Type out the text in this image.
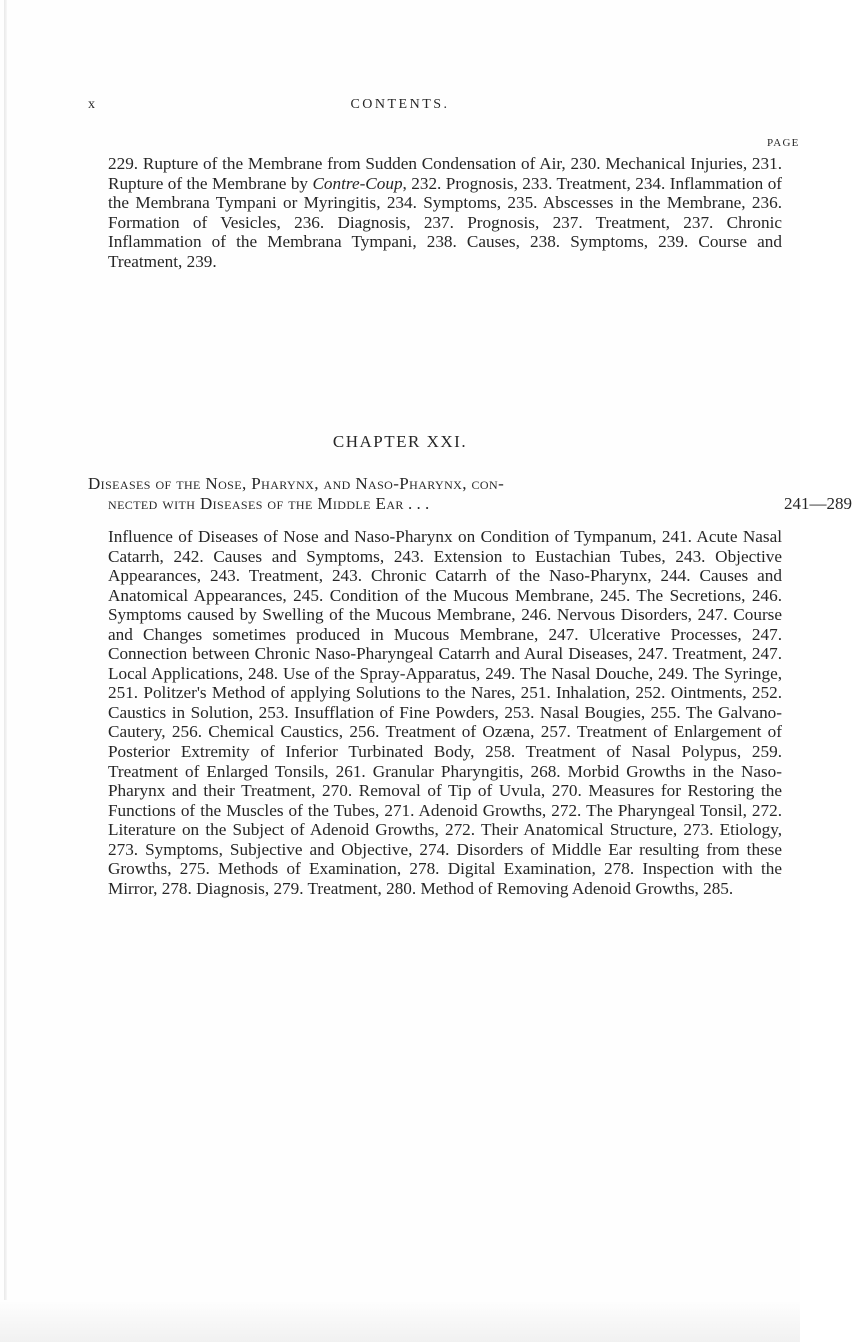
x	CONTENTS.
PAGE

229. Rupture of the Membrane from Sudden Condensation of Air, 230. Mechanical Injuries, 231. Rupture of the Membrane by Contre-Coup, 232. Prognosis, 233. Treatment, 234. Inflammation of the Membrana Tympani or Myringitis, 234. Symptoms, 235. Abscesses in the Membrane, 236. Formation of Vesicles, 236. Diagnosis, 237. Prognosis, 237. Treatment, 237. Chronic Inflammation of the Membrana Tympani, 238. Causes, 238. Symptoms, 239. Course and Treatment, 239.

CHAPTER XXI.

Diseases of the Nose, Pharynx, and Naso-Pharynx, con-
nected with Diseases of the Middle Ear . . .	241—289

Influence of Diseases of Nose and Naso-Pharynx on Condition of Tympanum, 241. Acute Nasal Catarrh, 242. Causes and Symptoms, 243. Extension to Eustachian Tubes, 243. Objective Appearances, 243. Treatment, 243. Chronic Catarrh of the Naso-Pharynx, 244. Causes and Anatomical Appearances, 245. Condition of the Mucous Membrane, 245. The Secretions, 246. Symptoms caused by Swelling of the Mucous Membrane, 246. Nervous Disorders, 247. Course and Changes sometimes produced in Mucous Membrane, 247. Ulcerative Processes, 247. Connection between Chronic Naso-Pharyngeal Catarrh and Aural Diseases, 247. Treatment, 247. Local Applications, 248. Use of the Spray-Apparatus, 249. The Nasal Douche, 249. The Syringe, 251. Politzer's Method of applying Solutions to the Nares, 251. Inhalation, 252. Ointments, 252. Caustics in Solution, 253. Insufflation of Fine Powders, 253. Nasal Bougies, 255. The Galvano-Cautery, 256. Chemical Caustics, 256. Treatment of Ozæna, 257. Treatment of Enlargement of Posterior Extremity of Inferior Turbinated Body, 258. Treatment of Nasal Polypus, 259. Treatment of Enlarged Tonsils, 261. Granular Pharyngitis, 268. Morbid Growths in the Naso-Pharynx and their Treatment, 270. Removal of Tip of Uvula, 270. Measures for Restoring the Functions of the Muscles of the Tubes, 271. Adenoid Growths, 272. The Pharyngeal Tonsil, 272. Literature on the Subject of Adenoid Growths, 272. Their Anatomical Structure, 273. Etiology, 273. Symptoms, Subjective and Objective, 274. Disorders of Middle Ear resulting from these Growths, 275. Methods of Examination, 278. Digital Examination, 278. Inspection with the Mirror, 278. Diagnosis, 279. Treatment, 280. Method of Removing Adenoid Growths, 285.
